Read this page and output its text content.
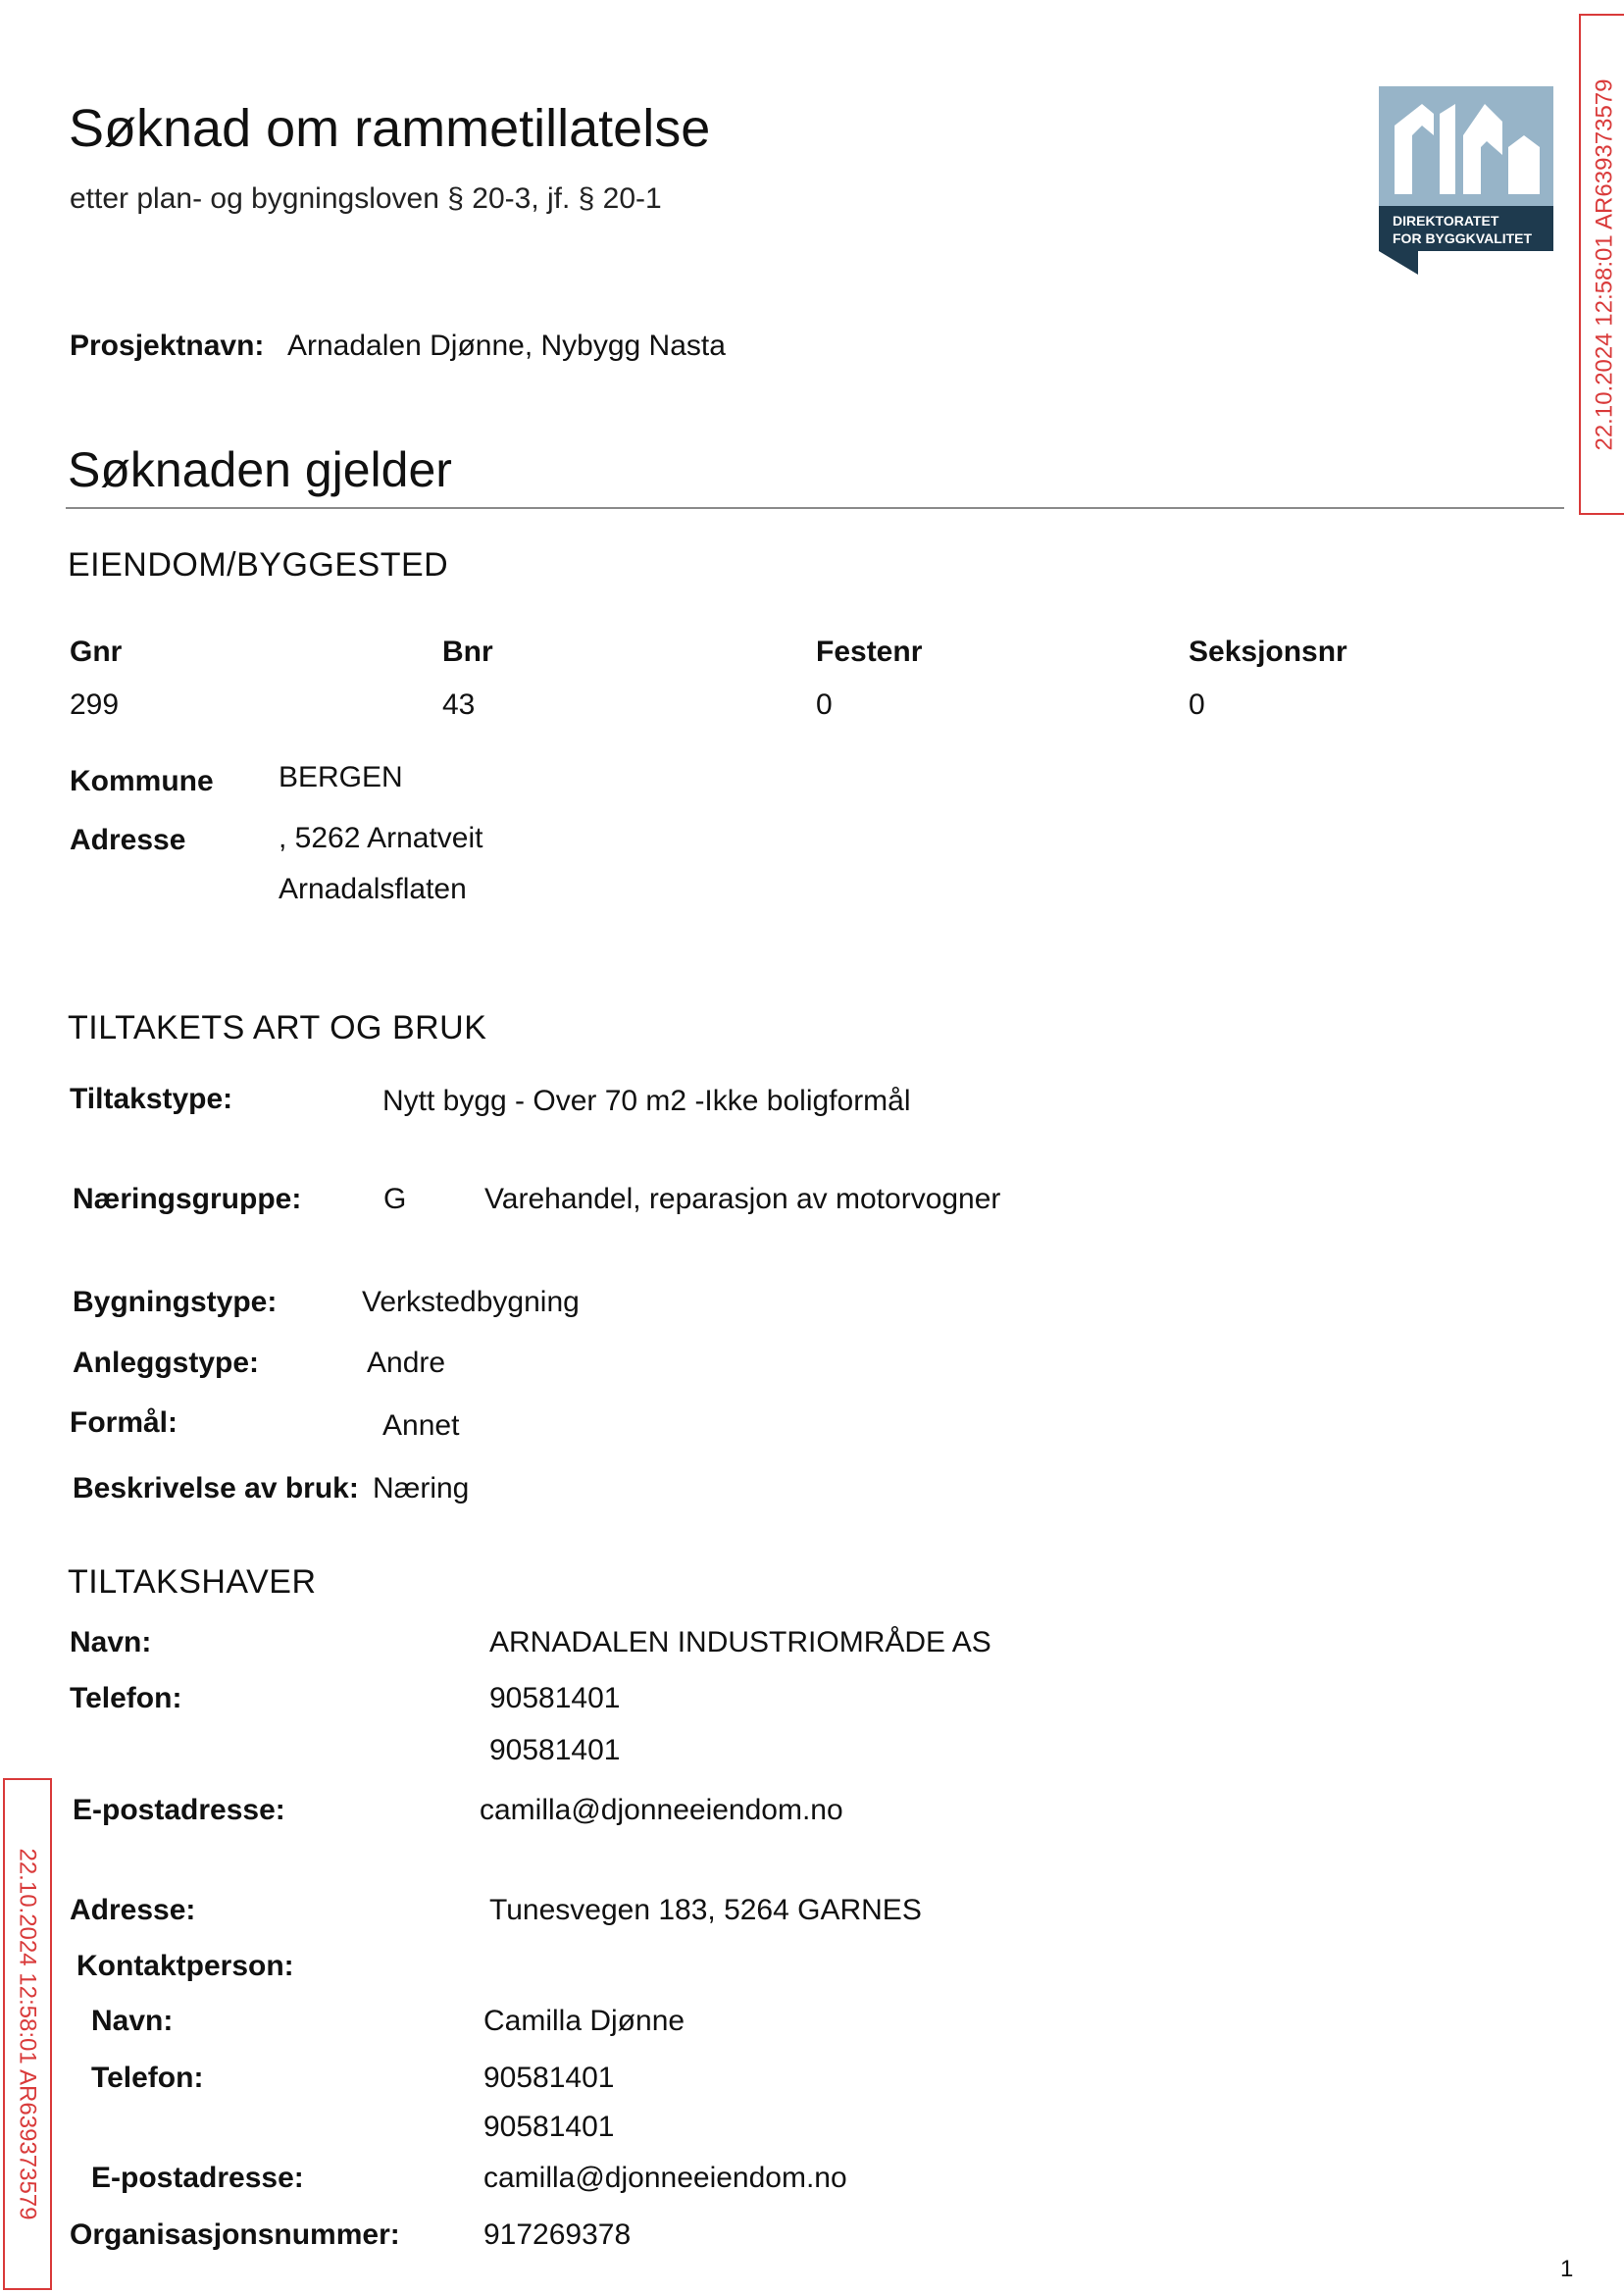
Søknad om rammetillatelse
etter plan- og bygningsloven § 20-3, jf. § 20-1
DIREKTORATET
FOR BYGGKVALITET	22.10.2024 12:58:01 AR639373579
22.10.2024 12:58:01 AR639373579
Prosjektnavn: Arnadalen Djønne, Nybygg Nasta
Søknaden gjelder
EIENDOM/BYGGESTED
Gnr	Bnr	Festenr	Seksjonsnr
299	43	0	0
Kommune BERGEN
Adresse	, 5262 Arnatveit
Arnadalsflaten
TILTAKETS ART OG BRUK
Tiltakstype:	Nytt bygg - Over 70 m2 -Ikke boligformål
Næringsgruppe:	G	Varehandel, reparasjon av motorvogner
Bygningstype:	Verkstedbygning
Anleggstype:	Andre
Formål:	Annet
Beskrivelse av bruk: Næring
TILTAKSHAVER
Navn:	ARNADALEN INDUSTRIOMRÅDE AS
Telefon:	90581401
90581401
E-postadresse:	camilla@djonneeiendom.no
Adresse:	Tunesvegen 183, 5264 GARNES
Kontaktperson:
Navn:	Camilla Djønne
Telefon:	90581401
90581401
E-postadresse:	camilla@djonneeiendom.no
Organisasjonsnummer:	917269378
1
